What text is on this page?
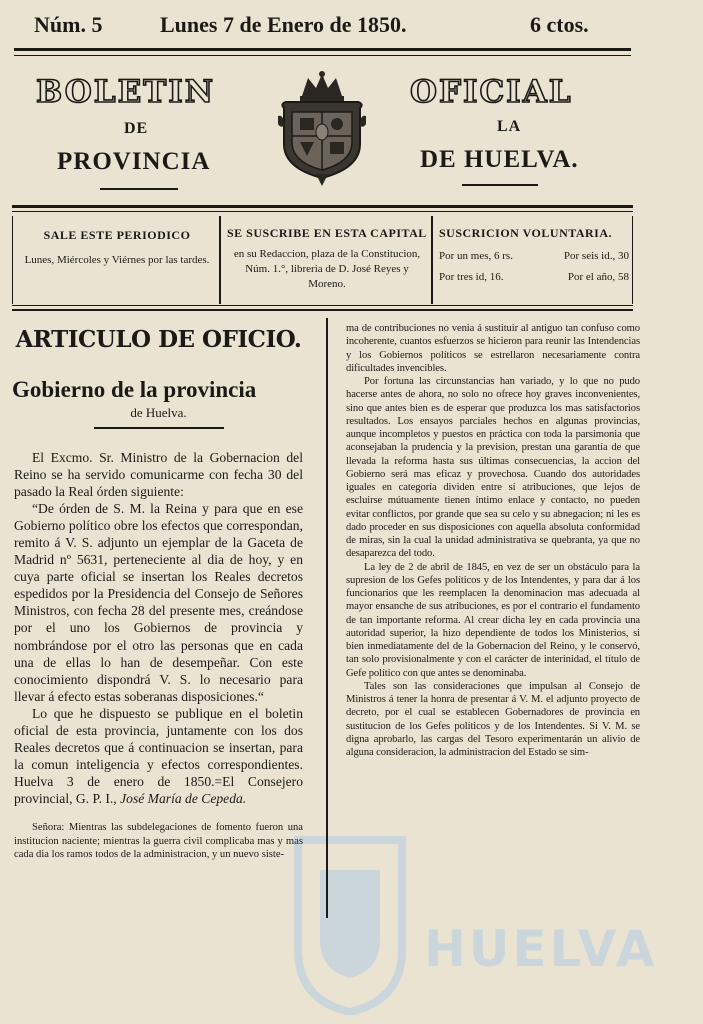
Núm. 5	Lunes 7 de Enero de 1850.	6 ctos.
BOLETIN	OFICIAL
DE	LA
PROVINCIA	DE HUELVA.
SALE ESTE PERIODICO
Lunes, Miércoles y Viérnes por las tardes.
SE SUSCRIBE EN ESTA CAPITAL
en su Redaccion, plaza de la Constitucion, Núm. 1.°, libreria de D. José Reyes y Moreno.
SUSCRICION VOLUNTARIA.
Por un mes, 6 rs.	Por seis id., 30
Por tres id, 16.	Por el año, 58
HUELVA
ARTICULO DE OFICIO.
Gobierno de la provincia
de Huelva.

El Excmo. Sr. Ministro de la Gobernacion del Reino se ha servido comunicarme con fecha 30 del pasado la Real órden siguiente:

“De órden de S. M. la Reina y para que en ese Gobierno político obre los efectos que correspondan, remito á V. S. adjunto un ejemplar de la Gaceta de Madrid nº 5631, perteneciente al dia de hoy, y en cuya parte oficial se insertan los Reales decretos espedidos por la Presidencia del Consejo de Señores Ministros, con fecha 28 del presente mes, creándose por el uno los Gobiernos de provincia y nombrándose por el otro las personas que en cada una de ellas lo han de desempeñar. Con este conocimiento dispondrá V. S. lo necesario para llevar á efecto estas soberanas disposiciones.“

Lo que he dispuesto se publique en el boletin oficial de esta provincia, juntamente con los dos Reales decretos que á continuacion se insertan, para la comun inteligencia y efectos correspondientes. Huelva 3 de enero de 1850.=El Consejero provincial, G. P. I., José María de Cepeda.

Señora: Mientras las subdelegaciones de fomento fueron una institucion naciente; mientras la guerra civil complicaba mas y mas cada dia los ramos todos de la administracion, y un nuevo siste-

ma de contribuciones no venia á sustituir al antiguo tan confuso como incoherente, cuantos esfuerzos se hicieron para reunir las Intendencias y los Gobiernos políticos se estrellaron necesariamente contra dificultades invencibles.

Por fortuna las circunstancias han variado, y lo que no pudo hacerse antes de ahora, no solo no ofrece hoy graves inconvenientes, sino que antes bien es de esperar que produzca los mas satisfactorios resultados. Los ensayos parciales hechos en algunas provincias, aunque incompletos y puestos en práctica con toda la parsimonia que aconsejaban la prudencia y la prevision, prestan una garantía de que llevada la reforma hasta sus últimas consecuencias, la accion del Gobierno será mas eficaz y provechosa. Cuando dos autoridades iguales en categoría dividen entre sí atribuciones, que lejos de escluirse mútuamente tienen íntimo enlace y contacto, no pueden evitar conflictos, por grande que sea su celo y su abnegacion; ni les es dado proceder en sus disposiciones con aquella absoluta conformidad de miras, sin la cual la unidad administrativa se quebranta, ya que no desaparezca del todo.

La ley de 2 de abril de 1845, en vez de ser un obstáculo para la supresion de los Gefes políticos y de los Intendentes, y para dar á los funcionarios que les reemplacen la denominacion mas adecuada al mayor ensanche de sus atribuciones, es por el contrario el fundamento de tan importante reforma. Al crear dicha ley en cada provincia una autoridad superior, la hizo dependiente de todos los Ministerios, si bien inmediatamente del de la Gobernacion del Reino, y le conservó, tan solo provisionalmente y con el carácter de interinidad, el título de Gefe político con que antes se denominaba.

Tales son las consideraciones que impulsan al Consejo de Ministros á tener la honra de presentar á V. M. el adjunto proyecto de decreto, por el cual se establecen Gobernadores de provincia en sustitucion de los Gefes políticos y de los Intendentes. Si V. M. se digna aprobarlo, las cargas del Tesoro experimentarán un alivio de alguna consideracion, la administracion del Estado se sim-
